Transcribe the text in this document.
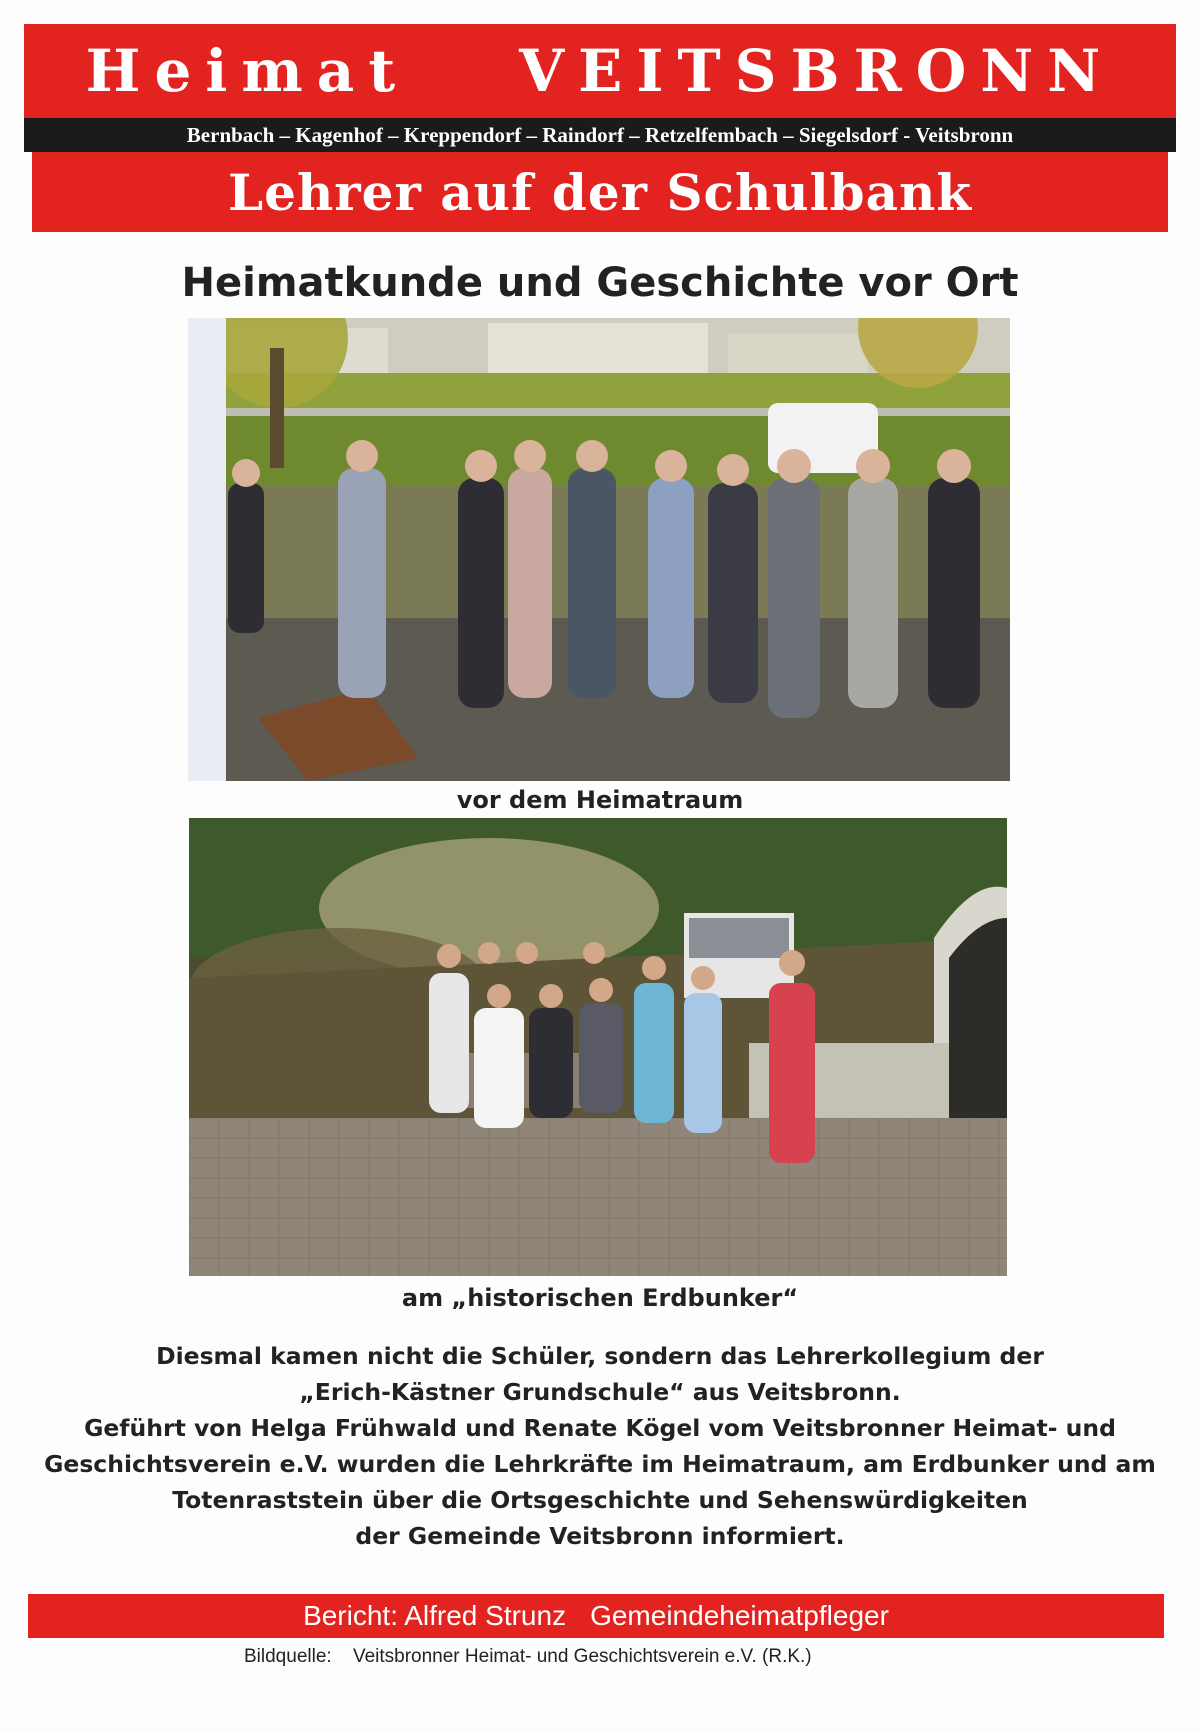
Heimat VEITSBRONN
Bernbach – Kagenhof – Kreppendorf – Raindorf – Retzelfembach – Siegelsdorf - Veitsbronn
Lehrer auf der Schulbank
Heimatkunde und Geschichte vor Ort
vor dem Heimatraum
am „historischen Erdbunker“
Diesmal kamen nicht die Schüler, sondern das Lehrerkollegium der
„Erich-Kästner Grundschule“ aus Veitsbronn.
Geführt von Helga Frühwald und Renate Kögel vom Veitsbronner Heimat- und
Geschichtsverein e.V. wurden die Lehrkräfte im Heimatraum, am Erdbunker und am
Totenraststein über die Ortsgeschichte und Sehenswürdigkeiten
der Gemeinde Veitsbronn informiert.
Bericht: Alfred Strunz Gemeindeheimatpfleger
Bildquelle: Veitsbronner Heimat- und Geschichtsverein e.V. (R.K.)
